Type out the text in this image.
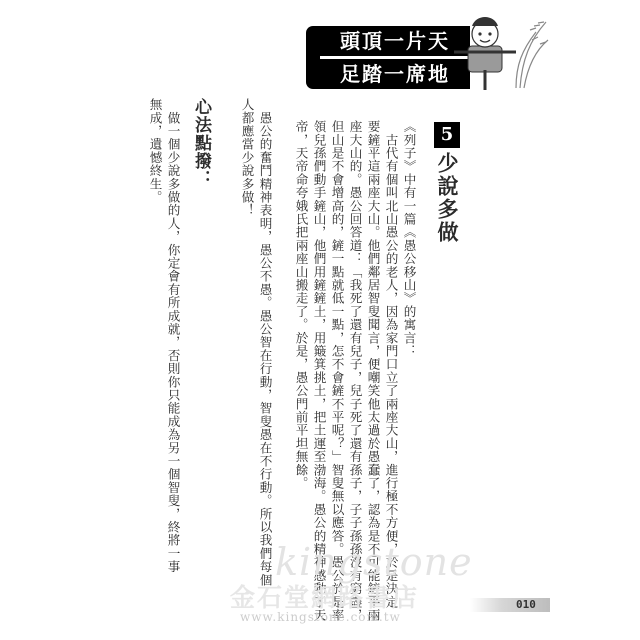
頭頂一片天
足踏一席地
5
少說多做
《列子》中有一篇《愚公移山》的寓言：
　古代有個叫北山愚公的老人，因為家門口立了兩座大山，進行極不方便，於是決定
要鏟平這兩座大山。他們鄰居智叟聞言，便嘲笑他太過於愚蠢了，認為是不可能鏟平兩
座大山的。愚公回答道：「我死了還有兒子，兒子死了還有孫子，子子孫孫沒有窮盡，
但山是不會增高的，鏟一點就低一點，怎不會鏟不平呢？」智叟無以應答。愚公於是率
領兒孫們動手鏟山，他們用鏟鏟土，用簸箕挑土，把土運至渤海。愚公的精神感動了天
帝，天帝命夸娥氏把兩座山搬走了。於是，愚公門前平坦無餘。
　愚公的奮鬥精神表明，愚公不愚。愚公智在行動，智叟愚在不行動。所以我們每個
人都應當少說多做！
心法點撥：
　做一個少說多做的人，你定會有所成就，否則你只能成為另一個智叟，終將一事
無成，遺憾終生。
kingstone
金石堂網路書店
www.kingstone.com.tw
010
